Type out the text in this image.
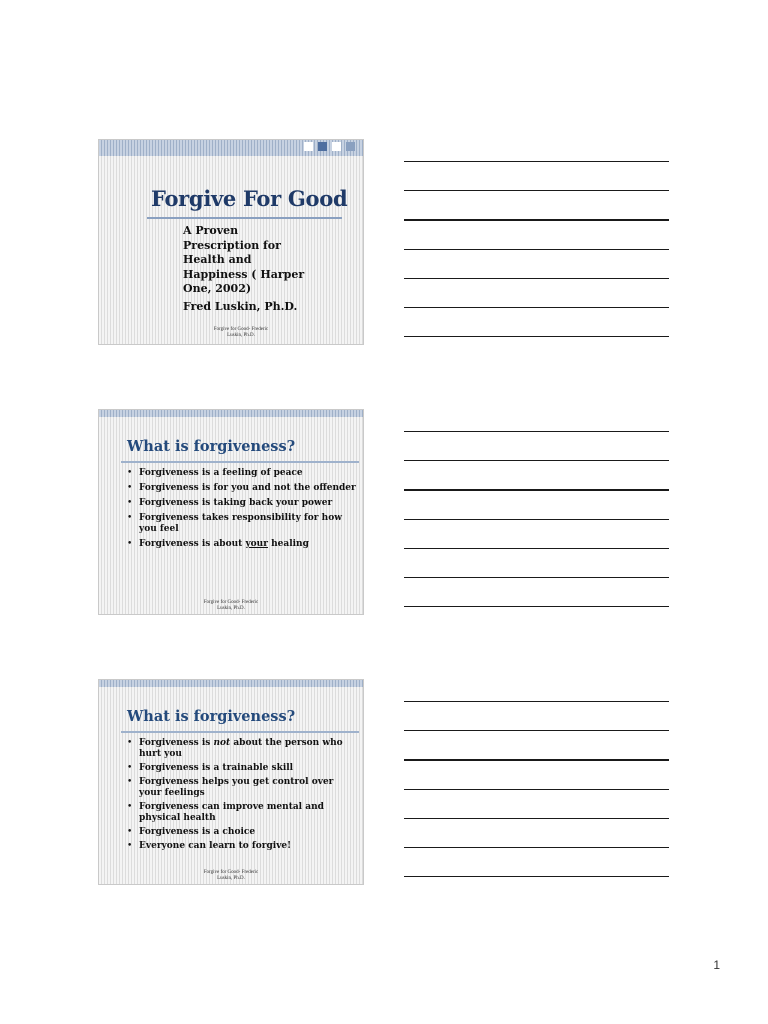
Forgive For Good
A Proven
Prescription for
Health and
Happiness ( Harper
One, 2002)
Fred Luskin, Ph.D.
Forgive for Good- Frederic
Luskin, Ph.D.
What is forgiveness?
• Forgiveness is a feeling of peace
• Forgiveness is for you and not the offender
• Forgiveness is taking back your power
• Forgiveness takes responsibility for how you feel
• Forgiveness is about your healing
Forgive for Good- Frederic
Luskin, Ph.D.
What is forgiveness?
• Forgiveness is not about the person who hurt you
• Forgiveness is a trainable skill
• Forgiveness helps you get control over your feelings
• Forgiveness can improve mental and physical health
• Forgiveness is a choice
• Everyone can learn to forgive!
Forgive for Good- Frederic
Luskin, Ph.D.
1
